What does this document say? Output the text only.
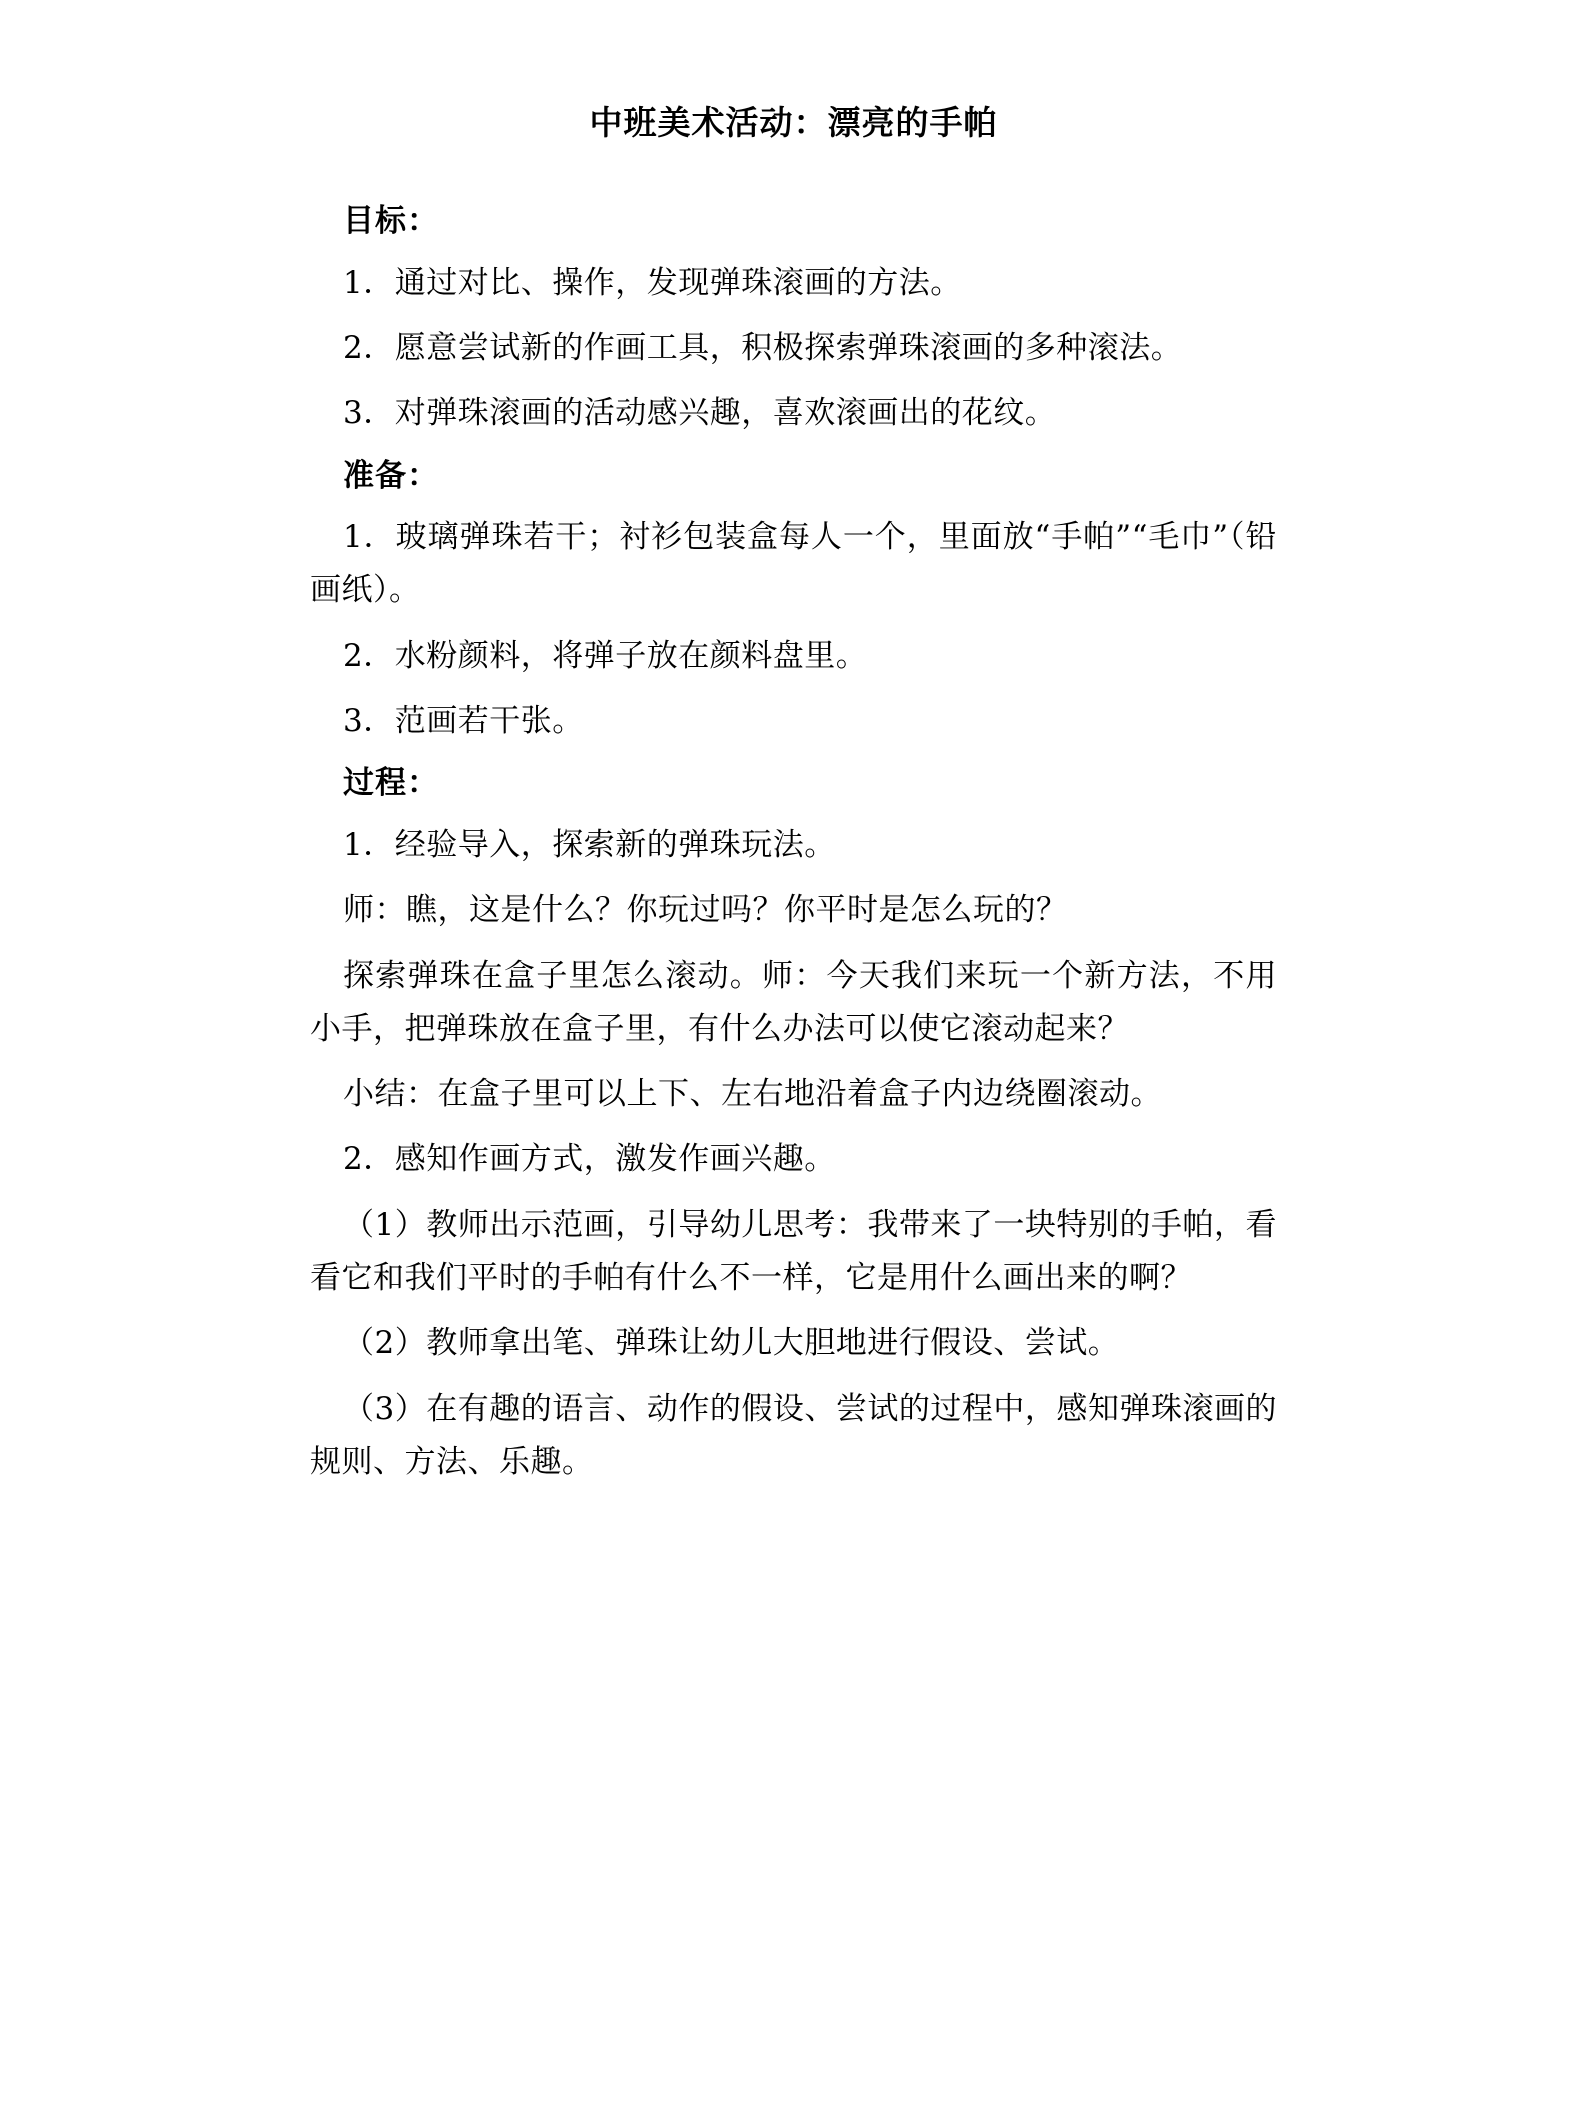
中班美术活动：漂亮的手帕
目标：

1．通过对比、操作，发现弹珠滚画的方法。

2．愿意尝试新的作画工具，积极探索弹珠滚画的多种滚法。

3．对弹珠滚画的活动感兴趣，喜欢滚画出的花纹。

准备：

1．玻璃弹珠若干；衬衫包装盒每人一个，里面放“手帕”“毛巾”（铅画纸）。

2．水粉颜料，将弹子放在颜料盘里。

3．范画若干张。

过程：

1．经验导入，探索新的弹珠玩法。

师：瞧，这是什么？你玩过吗？你平时是怎么玩的？

探索弹珠在盒子里怎么滚动。师：今天我们来玩一个新方法，不用小手，把弹珠放在盒子里，有什么办法可以使它滚动起来？

小结：在盒子里可以上下、左右地沿着盒子内边绕圈滚动。

2．感知作画方式，激发作画兴趣。

（1）教师出示范画，引导幼儿思考：我带来了一块特别的手帕，看看它和我们平时的手帕有什么不一样，它是用什么画出来的啊？

（2）教师拿出笔、弹珠让幼儿大胆地进行假设、尝试。

（3）在有趣的语言、动作的假设、尝试的过程中，感知弹珠滚画的规则、方法、乐趣。
